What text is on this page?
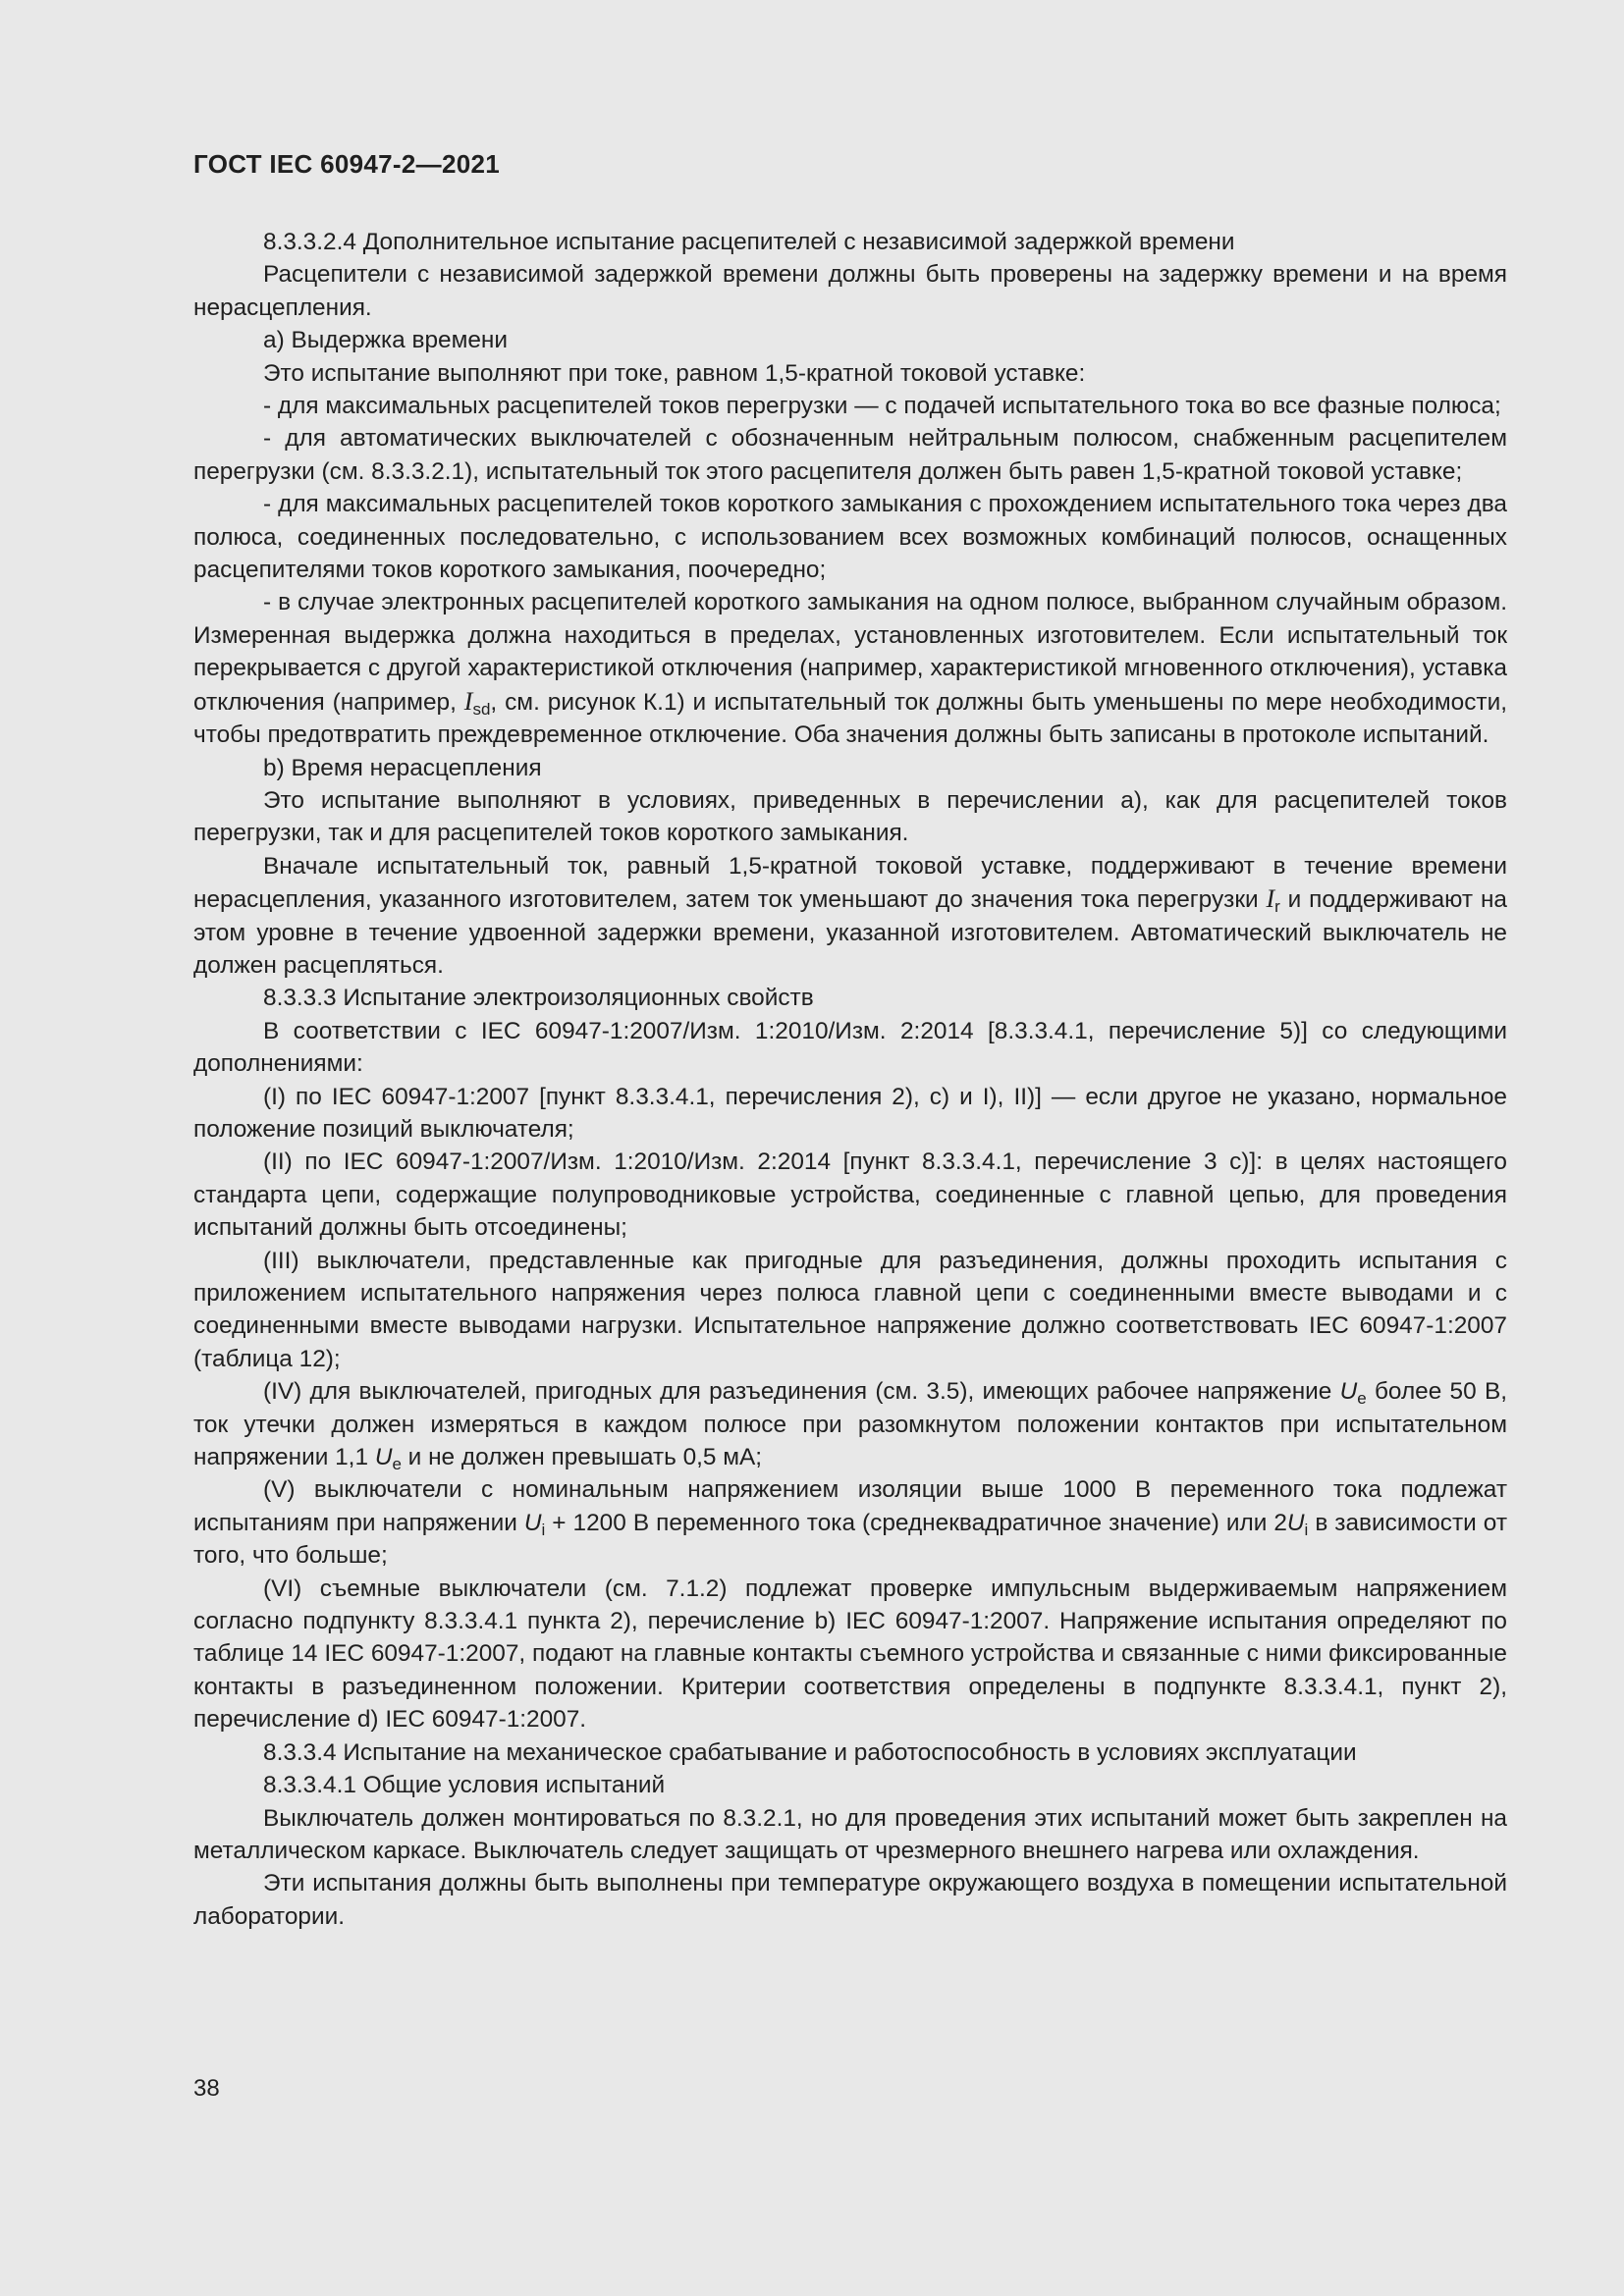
ГОСТ IEC 60947-2—2021

8.3.3.2.4 Дополнительное испытание расцепителей с независимой задержкой времени

Расцепители с независимой задержкой времени должны быть проверены на задержку времени и на время нерасцепления.

a) Выдержка времени

Это испытание выполняют при токе, равном 1,5-кратной токовой уставке:

- для максимальных расцепителей токов перегрузки — с подачей испытательного тока во все фазные полюса;

- для автоматических выключателей с обозначенным нейтральным полюсом, снабженным расцепителем перегрузки (см. 8.3.3.2.1), испытательный ток этого расцепителя должен быть равен 1,5-кратной токовой уставке;

- для максимальных расцепителей токов короткого замыкания с прохождением испытательного тока через два полюса, соединенных последовательно, с использованием всех возможных комбинаций полюсов, оснащенных расцепителями токов короткого замыкания, поочередно;

- в случае электронных расцепителей короткого замыкания на одном полюсе, выбранном случайным образом. Измеренная выдержка должна находиться в пределах, установленных изготовителем. Если испытательный ток перекрывается с другой характеристикой отключения (например, характеристикой мгновенного отключения), уставка отключения (например, $I_{sd}$, см. рисунок К.1) и испытательный ток должны быть уменьшены по мере необходимости, чтобы предотвратить преждевременное отключение. Оба значения должны быть записаны в протоколе испытаний.

b) Время нерасцепления

Это испытание выполняют в условиях, приведенных в перечислении a), как для расцепителей токов перегрузки, так и для расцепителей токов короткого замыкания.

Вначале испытательный ток, равный 1,5-кратной токовой уставке, поддерживают в течение времени нерасцепления, указанного изготовителем, затем ток уменьшают до значения тока перегрузки $I_r$ и поддерживают на этом уровне в течение удвоенной задержки времени, указанной изготовителем. Автоматический выключатель не должен расцепляться.

8.3.3.3 Испытание электроизоляционных свойств

В соответствии с IEC 60947-1:2007/Изм. 1:2010/Изм. 2:2014 [8.3.3.4.1, перечисление 5)] со следующими дополнениями:

(I) по IEC 60947-1:2007 [пункт 8.3.3.4.1, перечисления 2), с) и I), II)] — если другое не указано, нормальное положение позиций выключателя;

(II) по IEC 60947-1:2007/Изм. 1:2010/Изм. 2:2014 [пункт 8.3.3.4.1, перечисление 3 c)]: в целях настоящего стандарта цепи, содержащие полупроводниковые устройства, соединенные с главной цепью, для проведения испытаний должны быть отсоединены;

(III) выключатели, представленные как пригодные для разъединения, должны проходить испытания с приложением испытательного напряжения через полюса главной цепи с соединенными вместе выводами и с соединенными вместе выводами нагрузки. Испытательное напряжение должно соответствовать IEC 60947-1:2007 (таблица 12);

(IV) для выключателей, пригодных для разъединения (см. 3.5), имеющих рабочее напряжение $U_e$ более 50 В, ток утечки должен измеряться в каждом полюсе при разомкнутом положении контактов при испытательном напряжении 1,1 $U_e$ и не должен превышать 0,5 мА;

(V) выключатели с номинальным напряжением изоляции выше 1000 В переменного тока подлежат испытаниям при напряжении $U_i + 1200$ В переменного тока (среднеквадратичное значение) или $2U_i$ в зависимости от того, что больше;

(VI) съемные выключатели (см. 7.1.2) подлежат проверке импульсным выдерживаемым напряжением согласно подпункту 8.3.3.4.1 пункта 2), перечисление b) IEC 60947-1:2007. Напряжение испытания определяют по таблице 14 IEC 60947-1:2007, подают на главные контакты съемного устройства и связанные с ними фиксированные контакты в разъединенном положении. Критерии соответствия определены в подпункте 8.3.3.4.1, пункт 2), перечисление d) IEC 60947-1:2007.

8.3.3.4 Испытание на механическое срабатывание и работоспособность в условиях эксплуатации

8.3.3.4.1 Общие условия испытаний

Выключатель должен монтироваться по 8.3.2.1, но для проведения этих испытаний может быть закреплен на металлическом каркасе. Выключатель следует защищать от чрезмерного внешнего нагрева или охлаждения.

Эти испытания должны быть выполнены при температуре окружающего воздуха в помещении испытательной лаборатории.

38
